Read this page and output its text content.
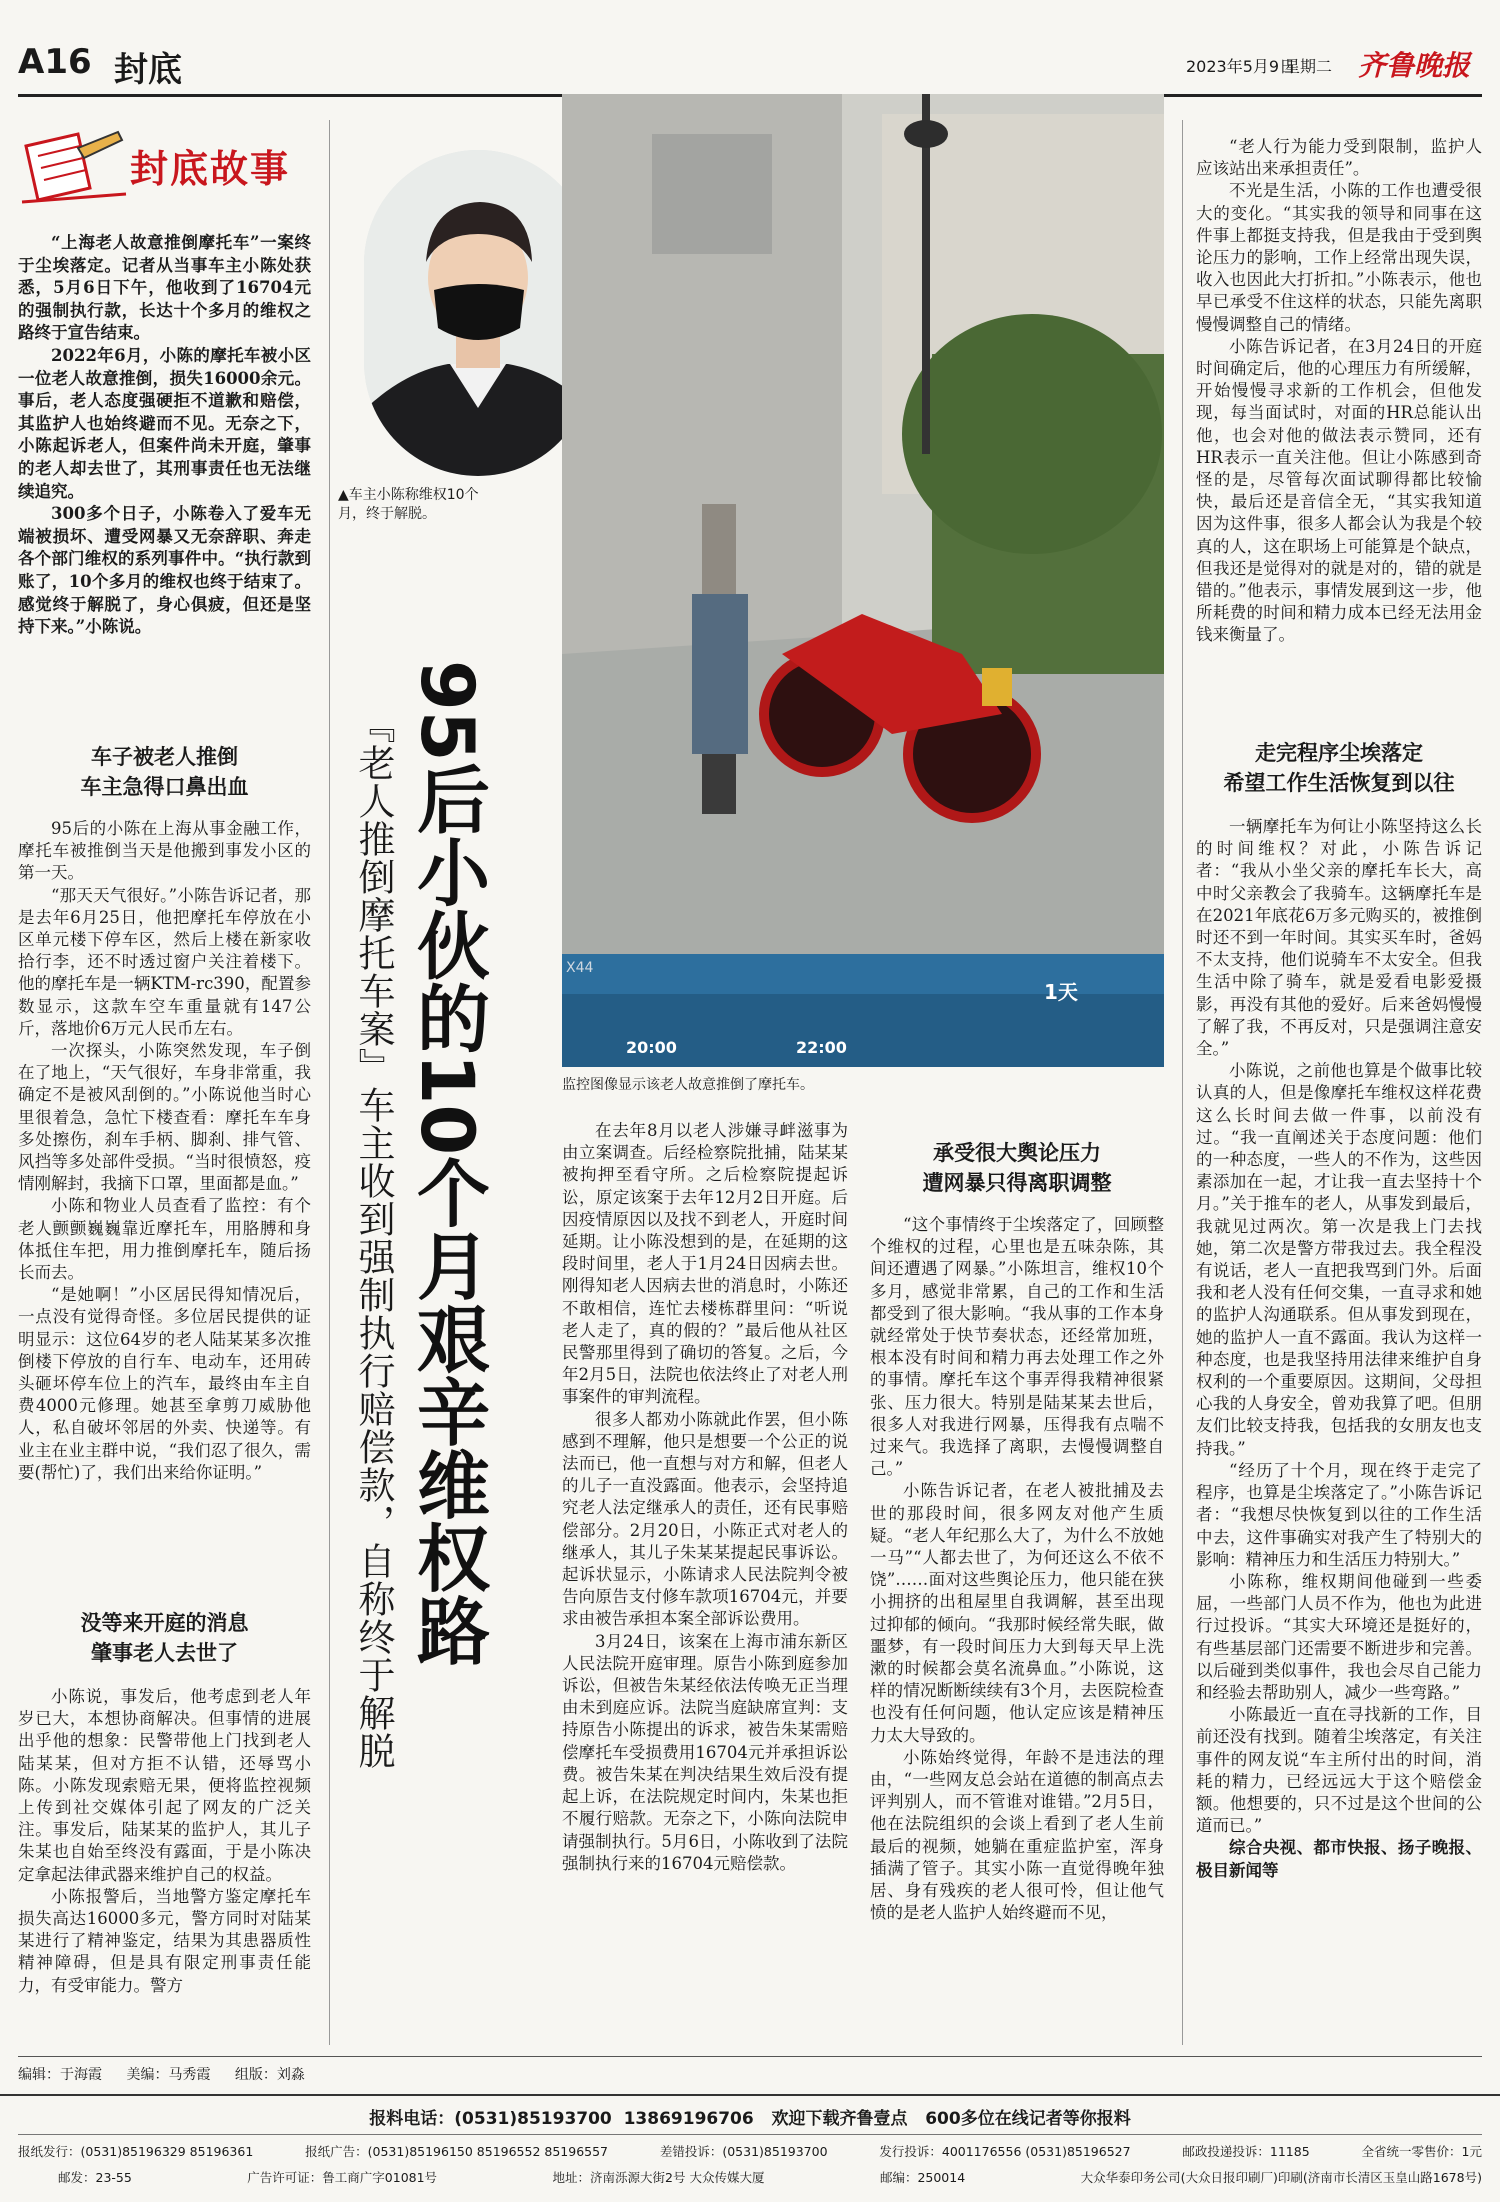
A16 封底	2023年5月9日
星期二 齐鲁晚报
封底故事

“上海老人故意推倒摩托车”一案终于尘埃落定。记者从当事车主小陈处获悉，5月6日下午，他收到了16704元的强制执行款，长达十个多月的维权之路终于宣告结束。

2022年6月，小陈的摩托车被小区一位老人故意推倒，损失16000余元。事后，老人态度强硬拒不道歉和赔偿，其监护人也始终避而不见。无奈之下，小陈起诉老人，但案件尚未开庭，肇事的老人却去世了，其刑事责任也无法继续追究。

300多个日子，小陈卷入了爱车无端被损坏、遭受网暴又无奈辞职、奔走各个部门维权的系列事件中。“执行款到账了，10个多月的维权也终于结束了。感觉终于解脱了，身心俱疲，但还是坚持下来。”小陈说。

▲车主小陈称维权10个月，终于解脱。
X44
1天
20:00	22:00
监控图像显示该老人故意推倒了摩托车。
『老人推倒摩托车案』车主收到强制执行赔偿款，自称终于解脱 95后小伙的10个月艰辛维权路
车子被老人推倒
车主急得口鼻出血

95后的小陈在上海从事金融工作，摩托车被推倒当天是他搬到事发小区的第一天。

“那天天气很好。”小陈告诉记者，那是去年6月25日，他把摩托车停放在小区单元楼下停车区，然后上楼在新家收拾行李，还不时透过窗户关注着楼下。他的摩托车是一辆KTM-rc390，配置参数显示，这款车空车重量就有147公斤，落地价6万元人民币左右。

一次探头，小陈突然发现，车子倒在了地上，“天气很好，车身非常重，我确定不是被风刮倒的。”小陈说他当时心里很着急，急忙下楼查看：摩托车车身多处擦伤，刹车手柄、脚刹、排气管、风挡等多处部件受损。“当时很愤怒，疫情刚解封，我摘下口罩，里面都是血。”

小陈和物业人员查看了监控：有个老人颤颤巍巍靠近摩托车，用胳膊和身体抵住车把，用力推倒摩托车，随后扬长而去。

“是她啊！”小区居民得知情况后，一点没有觉得奇怪。多位居民提供的证明显示：这位64岁的老人陆某某多次推倒楼下停放的自行车、电动车，还用砖头砸坏停车位上的汽车，最终由车主自费4000元修理。她甚至拿剪刀威胁他人，私自破坏邻居的外卖、快递等。有业主在业主群中说，“我们忍了很久，需要(帮忙)了，我们出来给你证明。”

没等来开庭的消息
肇事老人去世了

小陈说，事发后，他考虑到老人年岁已大，本想协商解决。但事情的进展出乎他的想象：民警带他上门找到老人陆某某，但对方拒不认错，还辱骂小陈。小陈发现索赔无果，便将监控视频上传到社交媒体引起了网友的广泛关注。事发后，陆某某的监护人，其儿子朱某也自始至终没有露面，于是小陈决定拿起法律武器来维护自己的权益。

小陈报警后，当地警方鉴定摩托车损失高达16000多元，警方同时对陆某某进行了精神鉴定，结果为其患器质性精神障碍，但是具有限定刑事责任能力，有受审能力。警方

在去年8月以老人涉嫌寻衅滋事为由立案调查。后经检察院批捕，陆某某被拘押至看守所。之后检察院提起诉讼，原定该案于去年12月2日开庭。后因疫情原因以及找不到老人，开庭时间延期。让小陈没想到的是，在延期的这段时间里，老人于1月24日因病去世。刚得知老人因病去世的消息时，小陈还不敢相信，连忙去楼栋群里问：“听说老人走了，真的假的？”最后他从社区民警那里得到了确切的答复。之后，今年2月5日，法院也依法终止了对老人刑事案件的审判流程。

很多人都劝小陈就此作罢，但小陈感到不理解，他只是想要一个公正的说法而已，他一直想与对方和解，但老人的儿子一直没露面。他表示，会坚持追究老人法定继承人的责任，还有民事赔偿部分。2月20日，小陈正式对老人的继承人，其儿子朱某某提起民事诉讼。起诉状显示，小陈请求人民法院判令被告向原告支付修车款项16704元，并要求由被告承担本案全部诉讼费用。

3月24日，该案在上海市浦东新区人民法院开庭审理。原告小陈到庭参加诉讼，但被告朱某经依法传唤无正当理由未到庭应诉。法院当庭缺席宣判：支持原告小陈提出的诉求，被告朱某需赔偿摩托车受损费用16704元并承担诉讼费。被告朱某在判决结果生效后没有提起上诉，在法院规定时间内，朱某也拒不履行赔款。无奈之下，小陈向法院申请强制执行。5月6日，小陈收到了法院强制执行来的16704元赔偿款。

承受很大舆论压力
遭网暴只得离职调整

“这个事情终于尘埃落定了，回顾整个维权的过程，心里也是五味杂陈，其间还遭遇了网暴。”小陈坦言，维权10个多月，感觉非常累，自己的工作和生活都受到了很大影响。“我从事的工作本身就经常处于快节奏状态，还经常加班，根本没有时间和精力再去处理工作之外的事情。摩托车这个事弄得我精神很紧张、压力很大。特别是陆某某去世后，很多人对我进行网暴，压得我有点喘不过来气。我选择了离职，去慢慢调整自己。”

小陈告诉记者，在老人被批捕及去世的那段时间，很多网友对他产生质疑。“老人年纪那么大了，为什么不放她一马”“人都去世了，为何还这么不依不饶”……面对这些舆论压力，他只能在狭小拥挤的出租屋里自我调解，甚至出现过抑郁的倾向。“我那时候经常失眠，做噩梦，有一段时间压力大到每天早上洗漱的时候都会莫名流鼻血。”小陈说，这样的情况断断续续有3个月，去医院检查也没有任何问题，他认定应该是精神压力太大导致的。

小陈始终觉得，年龄不是违法的理由，“一些网友总会站在道德的制高点去评判别人，而不管谁对谁错。”2月5日，他在法院组织的会谈上看到了老人生前最后的视频，她躺在重症监护室，浑身插满了管子。其实小陈一直觉得晚年独居、身有残疾的老人很可怜，但让他气愤的是老人监护人始终避而不见，

“老人行为能力受到限制，监护人应该站出来承担责任”。

不光是生活，小陈的工作也遭受很大的变化。“其实我的领导和同事在这件事上都挺支持我，但是我由于受到舆论压力的影响，工作上经常出现失误，收入也因此大打折扣。”小陈表示，他也早已承受不住这样的状态，只能先离职慢慢调整自己的情绪。

小陈告诉记者，在3月24日的开庭时间确定后，他的心理压力有所缓解，开始慢慢寻求新的工作机会，但他发现，每当面试时，对面的HR总能认出他，也会对他的做法表示赞同，还有HR表示一直关注他。但让小陈感到奇怪的是，尽管每次面试聊得都比较愉快，最后还是音信全无，“其实我知道因为这件事，很多人都会认为我是个较真的人，这在职场上可能算是个缺点，但我还是觉得对的就是对的，错的就是错的。”他表示，事情发展到这一步，他所耗费的时间和精力成本已经无法用金钱来衡量了。

走完程序尘埃落定
希望工作生活恢复到以往

一辆摩托车为何让小陈坚持这么长的时间维权？对此，小陈告诉记者：“我从小坐父亲的摩托车长大，高中时父亲教会了我骑车。这辆摩托车是在2021年底花6万多元购买的，被推倒时还不到一年时间。其实买车时，爸妈不太支持，他们说骑车不太安全。但我生活中除了骑车，就是爱看电影爱摄影，再没有其他的爱好。后来爸妈慢慢了解了我，不再反对，只是强调注意安全。”

小陈说，之前他也算是个做事比较认真的人，但是像摩托车维权这样花费这么长时间去做一件事，以前没有过。“我一直阐述关于态度问题：他们的一种态度，一些人的不作为，这些因素添加在一起，才让我一直去坚持十个月。”关于推车的老人，从事发到最后，我就见过两次。第一次是我上门去找她，第二次是警方带我过去。我全程没有说话，老人一直把我骂到门外。后面我和老人没有任何交集，一直寻求和她的监护人沟通联系。但从事发到现在，她的监护人一直不露面。我认为这样一种态度，也是我坚持用法律来维护自身权利的一个重要原因。这期间，父母担心我的人身安全，曾劝我算了吧。但朋友们比较支持我，包括我的女朋友也支持我。”

“经历了十个月，现在终于走完了程序，也算是尘埃落定了。”小陈告诉记者：“我想尽快恢复到以往的工作生活中去，这件事确实对我产生了特别大的影响：精神压力和生活压力特别大。”

小陈称，维权期间他碰到一些委屈，一些部门人员不作为，他也为此进行过投诉。“其实大环境还是挺好的，有些基层部门还需要不断进步和完善。以后碰到类似事件，我也会尽自己能力和经验去帮助别人，减少一些弯路。”

小陈最近一直在寻找新的工作，目前还没有找到。随着尘埃落定，有关注事件的网友说“车主所付出的时间，消耗的精力，已经远远大于这个赔偿金额。他想要的，只不过是这个世间的公道而已。”

综合央视、都市快报、扬子晚报、极目新闻等

编辑：于海霞 美编：马秀霞 组版：刘淼
报料电话：(0531)85193700  13869196706   欢迎下载齐鲁壹点   600多位在线记者等你报料
报纸发行：(0531)85196329 85196361	报纸广告：(0531)85196150 85196552 85196557	差错投诉：(0531)85193700	发行投诉：4001176556 (0531)85196527	邮政投递投诉：11185	全省统一零售价：1元
邮发：23-55	广告许可证：鲁工商广字01081号	地址：济南泺源大街2号 大众传媒大厦	邮编：250014	大众华泰印务公司(大众日报印刷厂)印刷(济南市长清区玉皇山路1678号)
